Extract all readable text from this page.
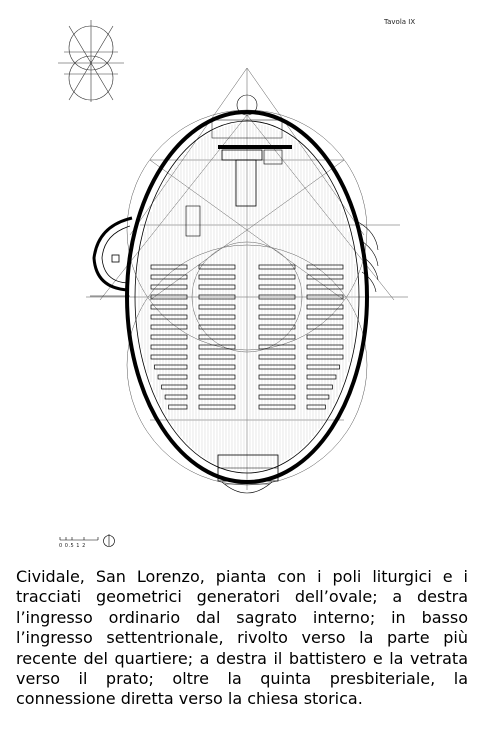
Tavola IX
0 0.5 1 2
Cividale, San Lorenzo, pianta con i poli liturgici e i tracciati geometrici generatori dell’ovale; a destra l’ingresso ordinario dal sagrato interno; in basso l’ingresso settentrionale, rivolto verso la parte più recente del quartiere; a destra il battistero e la vetrata verso il prato; oltre la quinta presbiteriale, la connessione diretta verso la chiesa storica.
